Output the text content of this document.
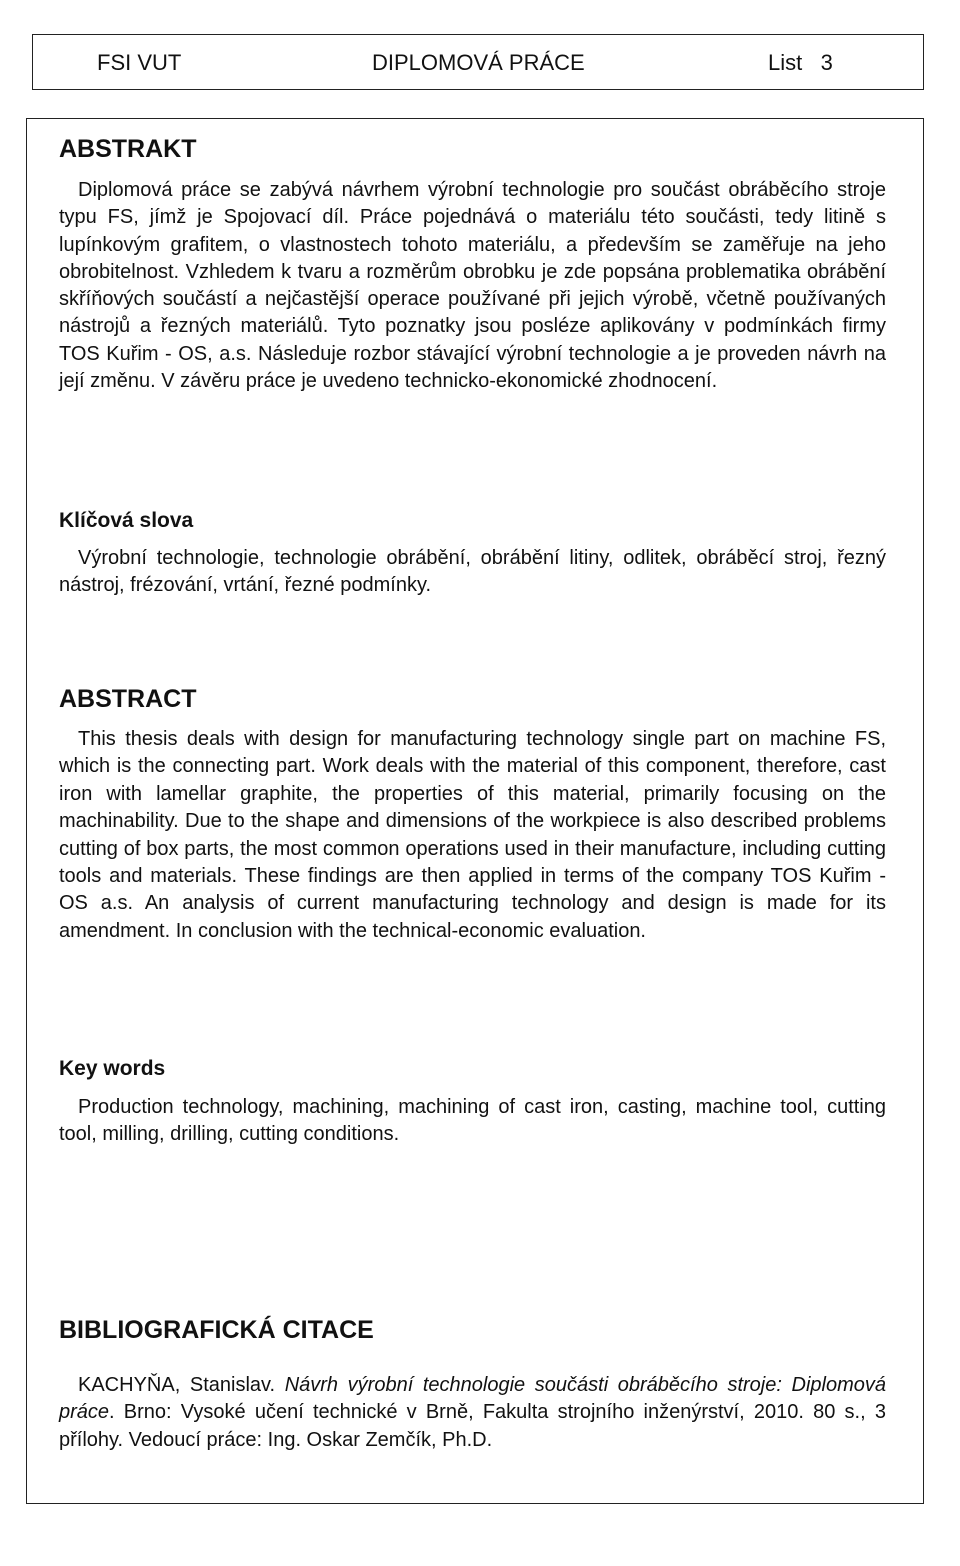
FSI VUT	DIPLOMOVÁ PRÁCE	List   3
ABSTRAKT
Diplomová práce se zabývá návrhem výrobní technologie pro součást obráběcího stroje typu FS, jímž je Spojovací díl. Práce pojednává o materiálu této součásti, tedy litině s lupínkovým grafitem, o vlastnostech tohoto materiálu, a především se zaměřuje na jeho obrobitelnost. Vzhledem k tvaru a rozměrům obrobku je zde popsána problematika obrábění skříňových součástí a nejčastější operace používané při jejich výrobě, včetně používaných nástrojů a řezných materiálů. Tyto poznatky jsou posléze aplikovány v podmínkách firmy TOS Kuřim - OS, a.s. Následuje rozbor stávající výrobní technologie a je proveden návrh na její změnu. V závěru práce je uvedeno technicko-ekonomické zhodnocení.
Klíčová slova
Výrobní technologie, technologie obrábění, obrábění litiny, odlitek, obráběcí stroj, řezný nástroj, frézování, vrtání, řezné podmínky.
ABSTRACT
This thesis deals with design for manufacturing technology single part on machine FS, which is the connecting part. Work deals with the material of this component, therefore, cast iron with lamellar graphite, the properties of this material, primarily focusing on the machinability. Due to the shape and dimensions of the workpiece is also described problems cutting of box parts, the most common operations used in their manufacture, including cutting tools and materials. These findings are then applied in terms of the company TOS Kuřim - OS a.s. An analysis of current manufacturing technology and design is made for its amendment. In conclusion with the technical-economic evaluation.
Key words
Production technology, machining, machining of cast iron, casting, machine tool, cutting tool, milling, drilling, cutting conditions.
BIBLIOGRAFICKÁ CITACE
KACHYŇA, Stanislav. Návrh výrobní technologie součásti obráběcího stroje: Diplomová práce. Brno: Vysoké učení technické v Brně, Fakulta strojního inženýrství, 2010. 80 s., 3 přílohy. Vedoucí práce: Ing. Oskar Zemčík, Ph.D.
